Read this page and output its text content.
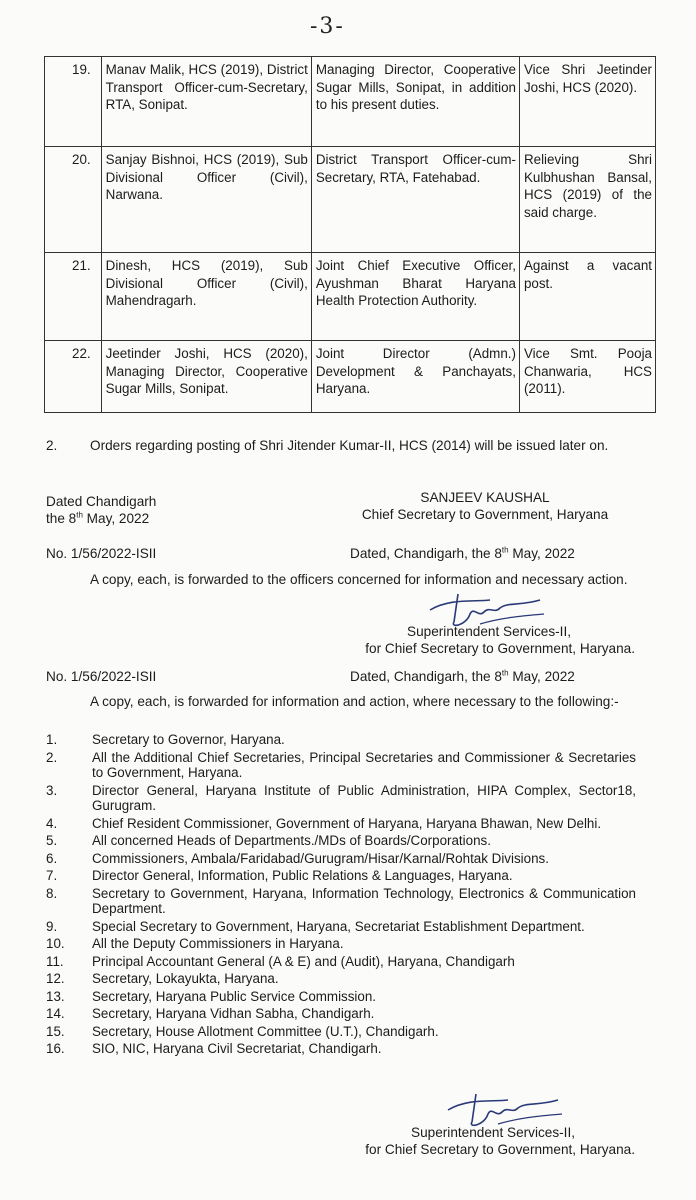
-3-
19.	Manav Malik, HCS (2019), District Transport Officer-cum-Secretary, RTA, Sonipat.	Managing Director, Cooperative Sugar Mills, Sonipat, in addition to his present duties.	Vice Shri Jeetinder Joshi, HCS (2020).
20.	Sanjay Bishnoi, HCS (2019), Sub Divisional Officer (Civil), Narwana.	District Transport Officer-cum-Secretary, RTA, Fatehabad.	Relieving Shri Kulbhushan Bansal, HCS (2019) of the said charge.
21.	Dinesh, HCS (2019), Sub Divisional Officer (Civil), Mahendragarh.	Joint Chief Executive Officer, Ayushman Bharat Haryana Health Protection Authority.	Against a vacant post.
22.	Jeetinder Joshi, HCS (2020), Managing Director, Cooperative Sugar Mills, Sonipat.	Joint Director (Admn.) Development & Panchayats, Haryana.	Vice Smt. Pooja Chanwaria, HCS (2011).
2. Orders regarding posting of Shri Jitender Kumar-II, HCS (2014) will be issued later on.
Dated Chandigarh
the 8th May, 2022
SANJEEV KAUSHAL
Chief Secretary to Government, Haryana
No. 1/56/2022-ISII	Dated, Chandigarh, the 8th May, 2022
A copy, each, is forwarded to the officers concerned for information and necessary action.
Superintendent Services-II,
for Chief Secretary to Government, Haryana.
No. 1/56/2022-ISII	Dated, Chandigarh, the 8th May, 2022
A copy, each, is forwarded for information and action, where necessary to the following:-
1.	Secretary to Governor, Haryana.
2.	All the Additional Chief Secretaries, Principal Secretaries and Commissioner & Secretaries to Government, Haryana.
3.	Director General, Haryana Institute of Public Administration, HIPA Complex, Sector18, Gurugram.
4.	Chief Resident Commissioner, Government of Haryana, Haryana Bhawan, New Delhi.
5.	All concerned Heads of Departments./MDs of Boards/Corporations.
6.	Commissioners, Ambala/Faridabad/Gurugram/Hisar/Karnal/Rohtak Divisions.
7.	Director General, Information, Public Relations & Languages, Haryana.
8.	Secretary to Government, Haryana, Information Technology, Electronics & Communication Department.
9.	Special Secretary to Government, Haryana, Secretariat Establishment Department.
10. All the Deputy Commissioners in Haryana.
11. Principal Accountant General (A & E) and (Audit), Haryana, Chandigarh
12. Secretary, Lokayukta, Haryana.
13. Secretary, Haryana Public Service Commission.
14. Secretary, Haryana Vidhan Sabha, Chandigarh.
15. Secretary, House Allotment Committee (U.T.), Chandigarh.
16. SIO, NIC, Haryana Civil Secretariat, Chandigarh.
Superintendent Services-II,
for Chief Secretary to Government, Haryana.
